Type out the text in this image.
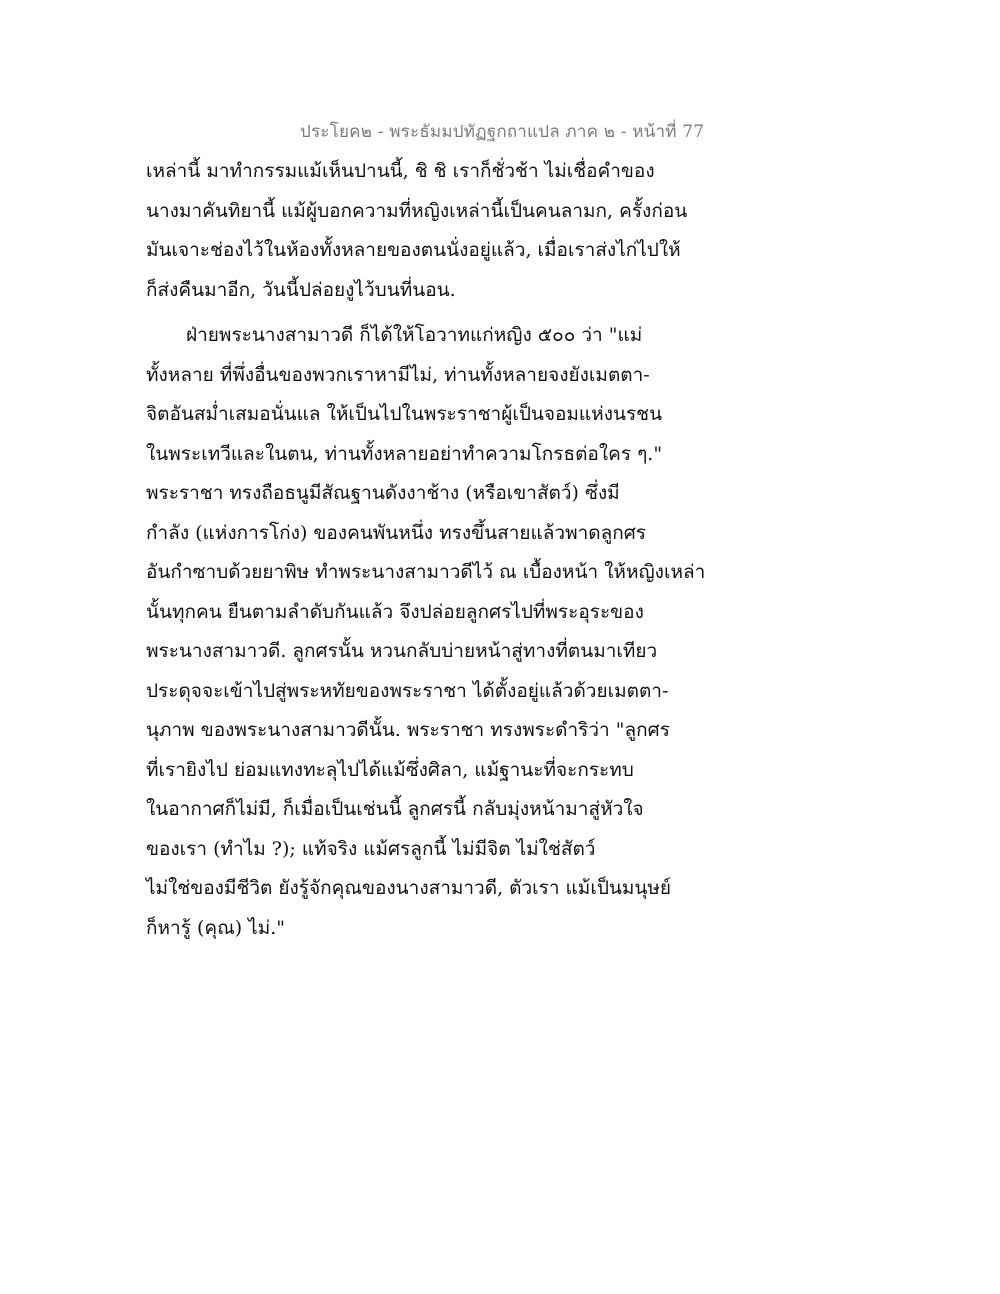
ประโยค๒ - พระธัมมปทัฏฐกถาแปล ภาค ๒ - หน้าที่ 77
เหล่านี้ มาทำกรรมแม้เห็นปานนี้, ชิ ชิ เราก็ชั่วช้า ไม่เชื่อคำของ
นางมาคันทิยานี้ แม้ผู้บอกความที่หญิงเหล่านี้เป็นคนลามก, ครั้งก่อน
มันเจาะช่องไว้ในห้องทั้งหลายของตนนั่งอยู่แล้ว, เมื่อเราส่งไก่ไปให้
ก็ส่งคืนมาอีก, วันนี้ปล่อยงูไว้บนที่นอน.
ฝ่ายพระนางสามาวดี ก็ได้ให้โอวาทแก่หญิง ๕๐๐ ว่า "แม่
ทั้งหลาย ที่พึ่งอื่นของพวกเราหามีไม่, ท่านทั้งหลายจงยังเมตตา-
จิตอันสม่ำเสมอนั่นแล ให้เป็นไปในพระราชาผู้เป็นจอมแห่งนรชน
ในพระเทวีและในตน, ท่านทั้งหลายอย่าทำความโกรธต่อใคร ๆ."
พระราชา ทรงถือธนูมีสัณฐานดังงาช้าง (หรือเขาสัตว์) ซึ่งมี
กำลัง (แห่งการโก่ง) ของคนพันหนึ่ง ทรงขึ้นสายแล้วพาดลูกศร
อันกำซาบด้วยยาพิษ ทำพระนางสามาวดีไว้ ณ เบื้องหน้า ให้หญิงเหล่า
นั้นทุกคน ยืนตามลำดับกันแล้ว จึงปล่อยลูกศรไปที่พระอุระของ
พระนางสามาวดี. ลูกศรนั้น หวนกลับบ่ายหน้าสู่ทางที่ตนมาเทียว
ประดุจจะเข้าไปสู่พระหทัยของพระราชา ได้ตั้งอยู่แล้วด้วยเมตตา-
นุภาพ ของพระนางสามาวดีนั้น. พระราชา ทรงพระดำริว่า "ลูกศร
ที่เรายิงไป ย่อมแทงทะลุไปได้แม้ซึ่งศิลา, แม้ฐานะที่จะกระทบ
ในอากาศก็ไม่มี, ก็เมื่อเป็นเช่นนี้ ลูกศรนี้ กลับมุ่งหน้ามาสู่หัวใจ
ของเรา (ทำไม ?); แท้จริง แม้ศรลูกนี้ ไม่มีจิต ไม่ใช่สัตว์
ไม่ใช่ของมีชีวิต ยังรู้จักคุณของนางสามาวดี, ตัวเรา แม้เป็นมนุษย์
ก็หารู้ (คุณ) ไม่."
